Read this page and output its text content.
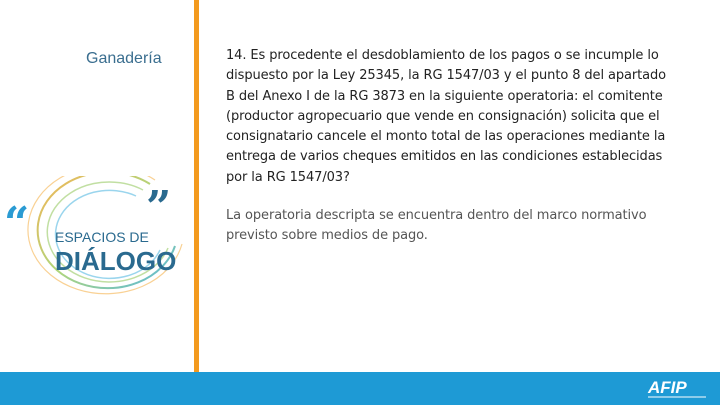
Ganadería
“	”
ESPACIOS DE
DIÁLOGO
14. Es procedente el desdoblamiento de los pagos o se incumple lo dispuesto por la Ley 25345, la RG 1547/03 y el punto 8 del apartado B del Anexo I de la RG 3873 en la siguiente operatoria: el comitente (productor agropecuario que vende en consignación) solicita que el consignatario cancele el monto total de las operaciones mediante la entrega de varios cheques emitidos en las condiciones establecidas por la RG 1547/03?
La operatoria descripta se encuentra dentro del marco normativo previsto sobre medios de pago.
AFIP
